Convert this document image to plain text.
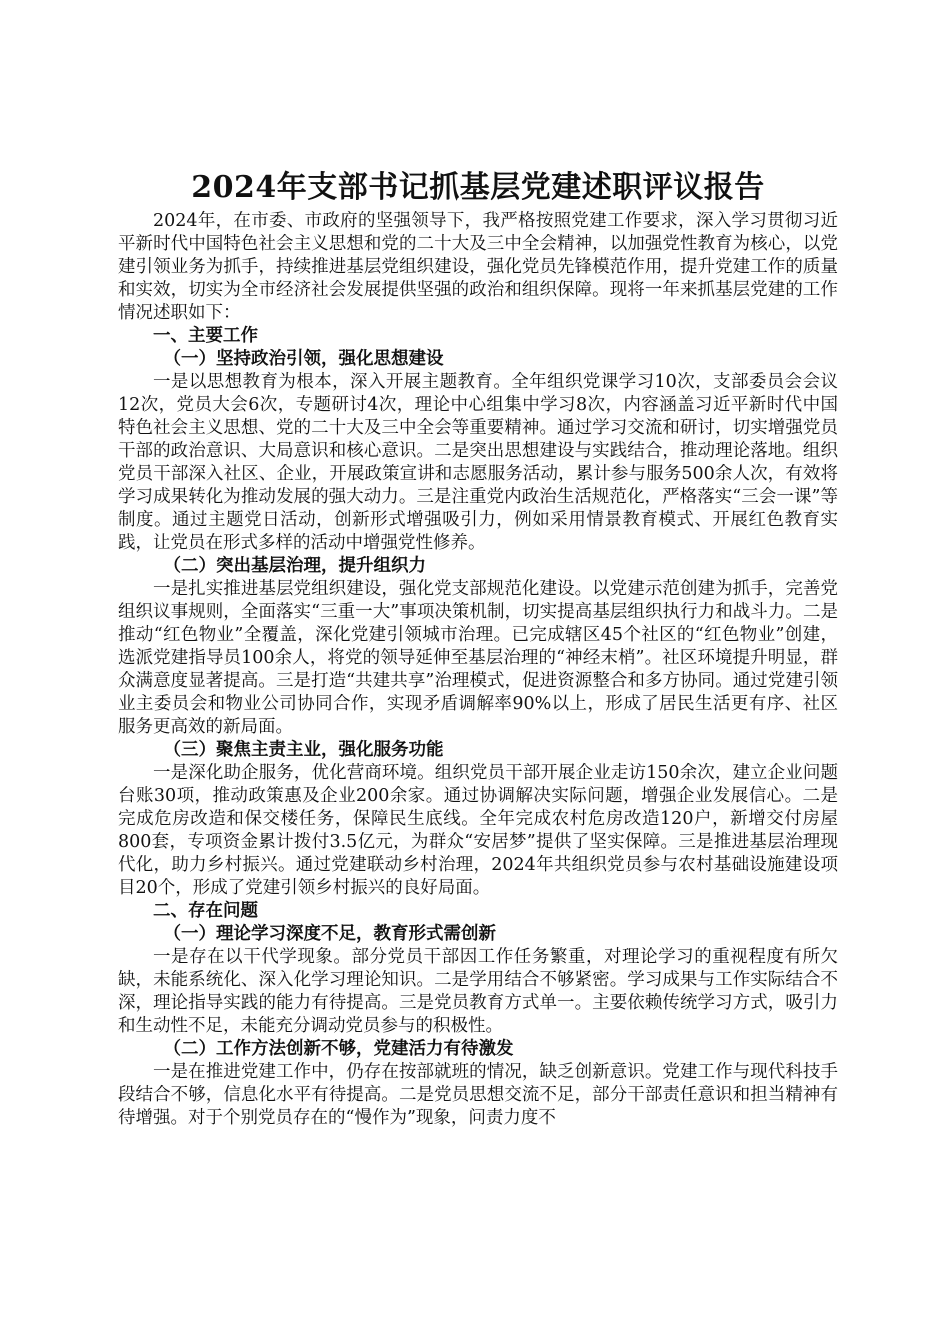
2024年支部书记抓基层党建述职评议报告

2024年，在市委、市政府的坚强领导下，我严格按照党建工作要求，深入学习贯彻习近平新时代中国特色社会主义思想和党的二十大及三中全会精神，以加强党性教育为核心，以党建引领业务为抓手，持续推进基层党组织建设，强化党员先锋模范作用，提升党建工作的质量和实效，切实为全市经济社会发展提供坚强的政治和组织保障。现将一年来抓基层党建的工作情况述职如下：

一、主要工作

（一）坚持政治引领，强化思想建设

一是以思想教育为根本，深入开展主题教育。全年组织党课学习10次，支部委员会会议12次，党员大会6次，专题研讨4次，理论中心组集中学习8次，内容涵盖习近平新时代中国特色社会主义思想、党的二十大及三中全会等重要精神。通过学习交流和研讨，切实增强党员干部的政治意识、大局意识和核心意识。二是突出思想建设与实践结合，推动理论落地。组织党员干部深入社区、企业，开展政策宣讲和志愿服务活动，累计参与服务500余人次，有效将学习成果转化为推动发展的强大动力。三是注重党内政治生活规范化，严格落实“三会一课”等制度。通过主题党日活动，创新形式增强吸引力，例如采用情景教育模式、开展红色教育实践，让党员在形式多样的活动中增强党性修养。

（二）突出基层治理，提升组织力

一是扎实推进基层党组织建设，强化党支部规范化建设。以党建示范创建为抓手，完善党组织议事规则，全面落实“三重一大”事项决策机制，切实提高基层组织执行力和战斗力。二是推动“红色物业”全覆盖，深化党建引领城市治理。已完成辖区45个社区的“红色物业”创建，选派党建指导员100余人，将党的领导延伸至基层治理的“神经末梢”。社区环境提升明显，群众满意度显著提高。三是打造“共建共享”治理模式，促进资源整合和多方协同。通过党建引领业主委员会和物业公司协同合作，实现矛盾调解率90%以上，形成了居民生活更有序、社区服务更高效的新局面。

（三）聚焦主责主业，强化服务功能

一是深化助企服务，优化营商环境。组织党员干部开展企业走访150余次，建立企业问题台账30项，推动政策惠及企业200余家。通过协调解决实际问题，增强企业发展信心。二是完成危房改造和保交楼任务，保障民生底线。全年完成农村危房改造120户，新增交付房屋800套，专项资金累计拨付3.5亿元，为群众“安居梦”提供了坚实保障。三是推进基层治理现代化，助力乡村振兴。通过党建联动乡村治理，2024年共组织党员参与农村基础设施建设项目20个，形成了党建引领乡村振兴的良好局面。

二、存在问题

（一）理论学习深度不足，教育形式需创新

一是存在以干代学现象。部分党员干部因工作任务繁重，对理论学习的重视程度有所欠缺，未能系统化、深入化学习理论知识。二是学用结合不够紧密。学习成果与工作实际结合不深，理论指导实践的能力有待提高。三是党员教育方式单一。主要依赖传统学习方式，吸引力和生动性不足，未能充分调动党员参与的积极性。

（二）工作方法创新不够，党建活力有待激发

一是在推进党建工作中，仍存在按部就班的情况，缺乏创新意识。党建工作与现代科技手段结合不够，信息化水平有待提高。二是党员思想交流不足，部分干部责任意识和担当精神有待增强。对于个别党员存在的“慢作为”现象，问责力度不
